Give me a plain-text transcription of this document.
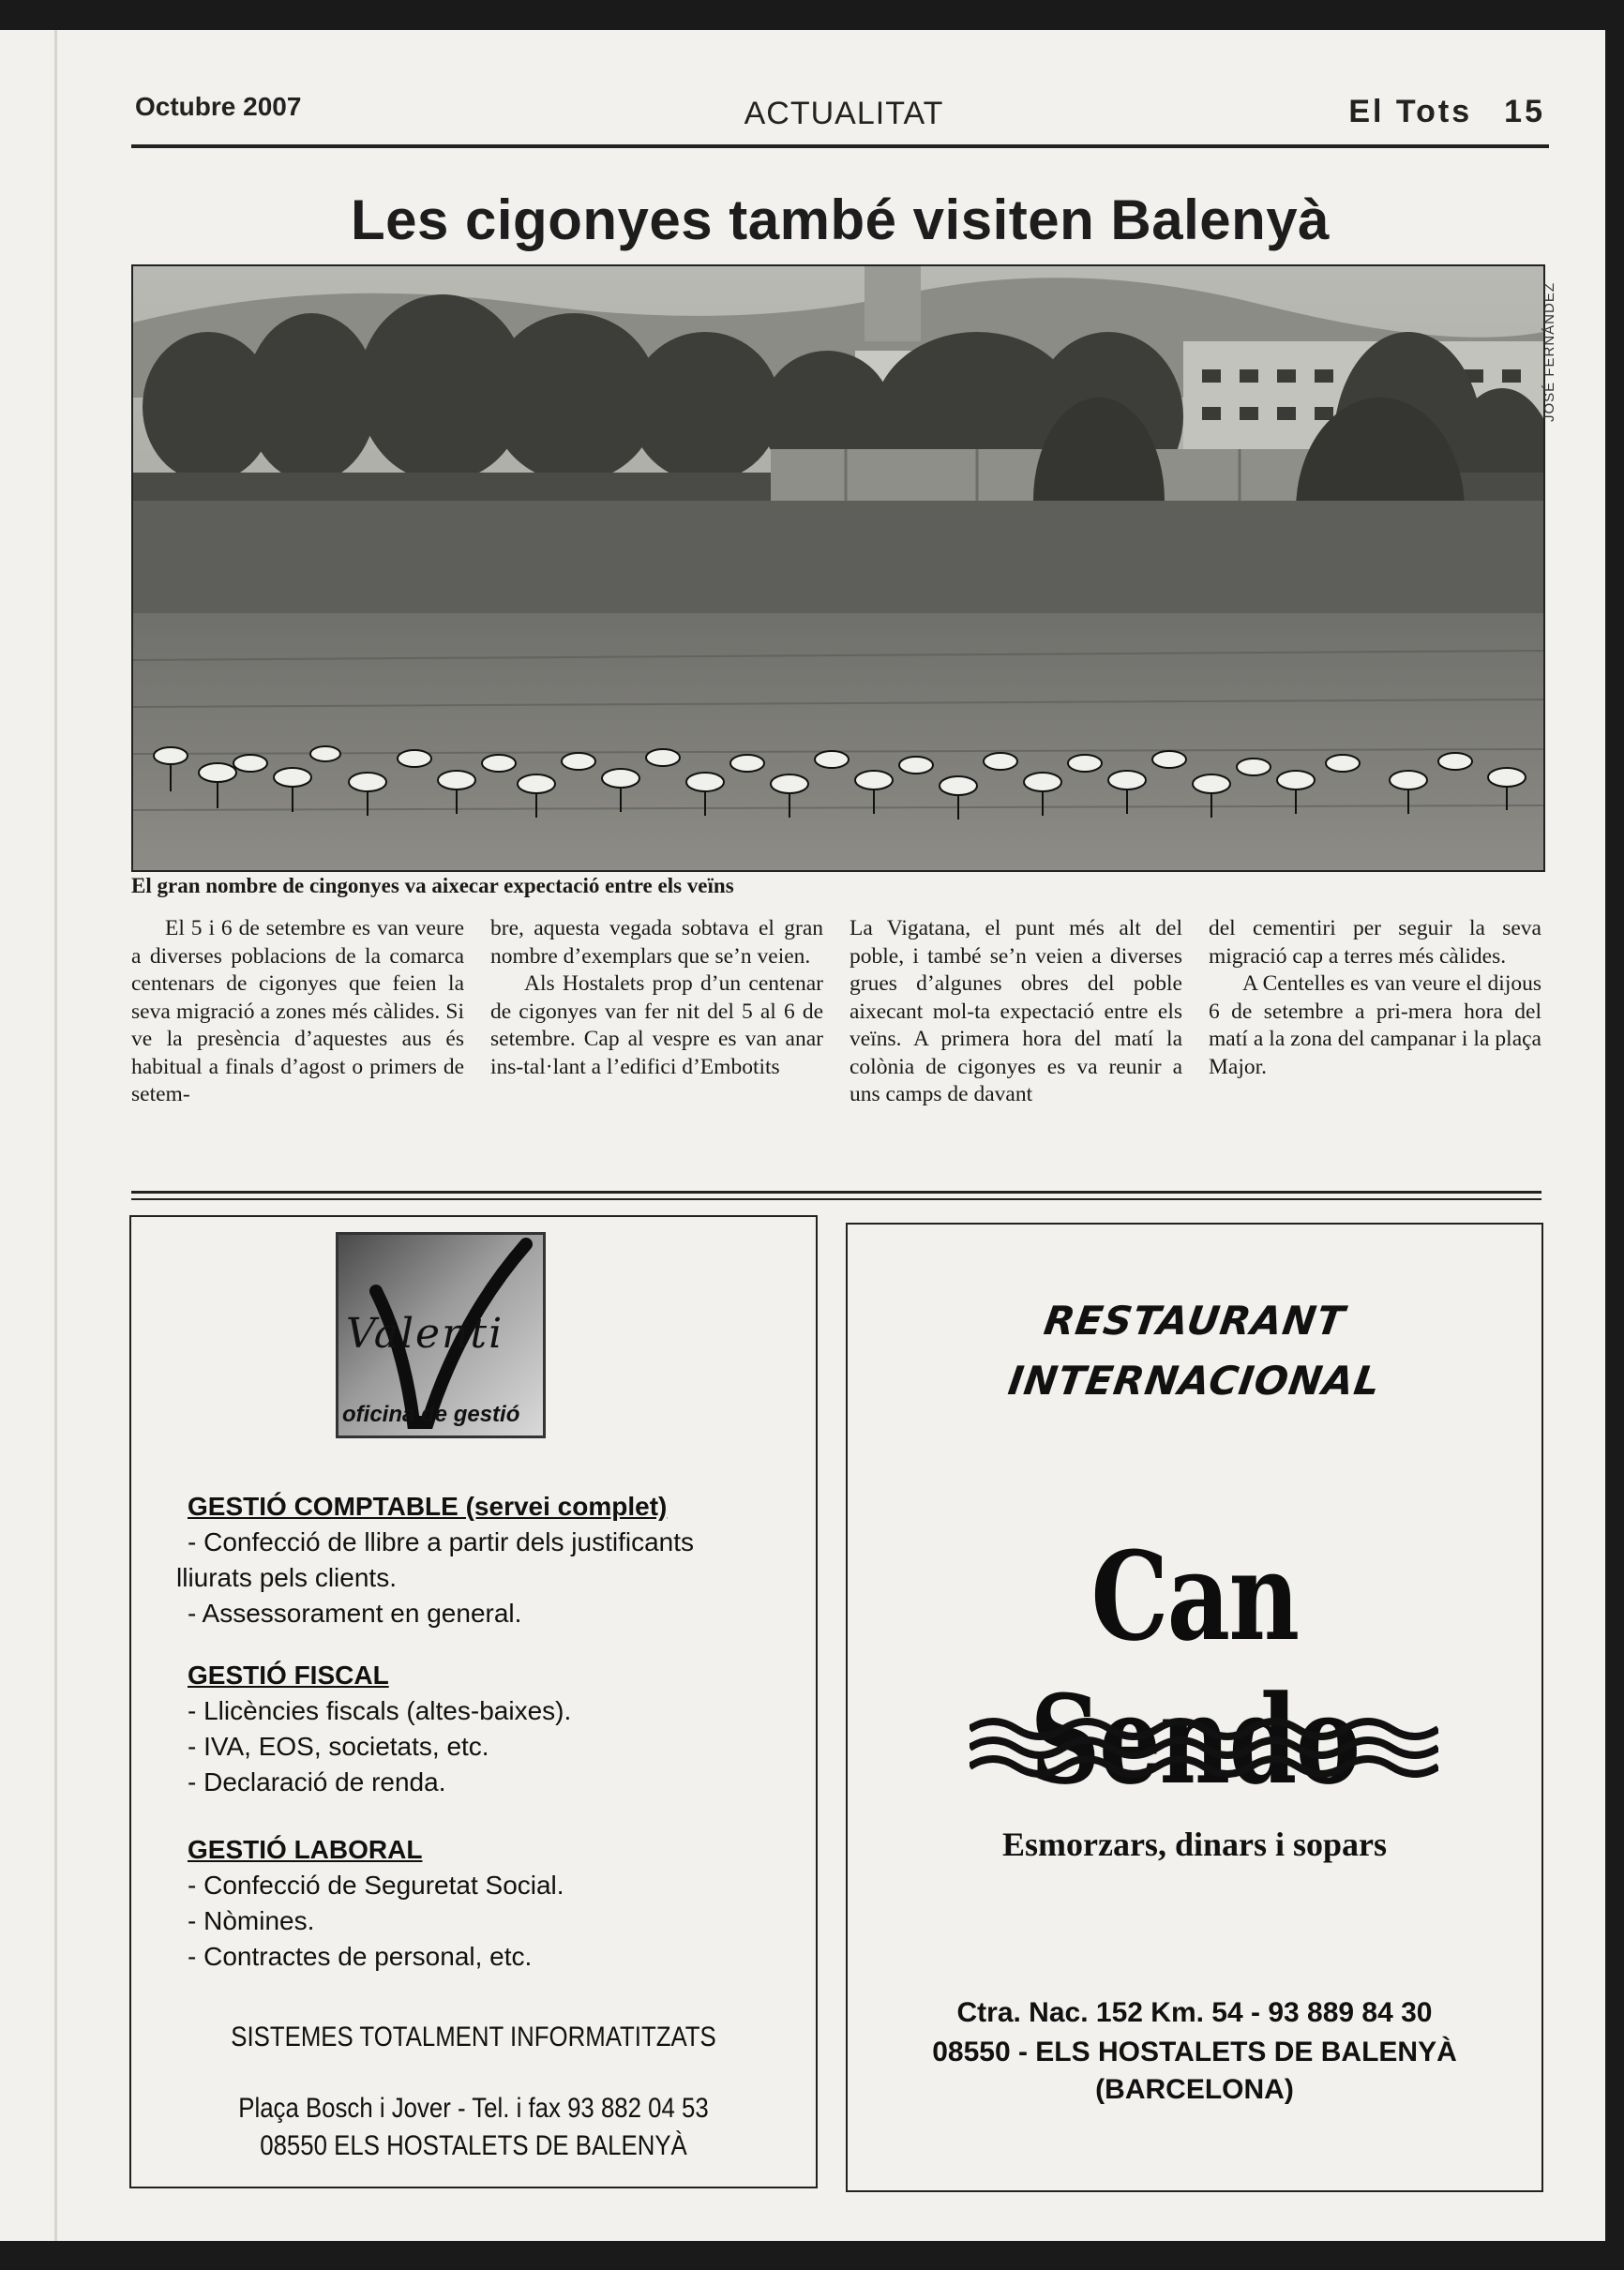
Octubre 2007	ACTUALITAT	El Tots 15
Les cigonyes també visiten Balenyà
JOSÉ FERNÁNDEZ
El gran nombre de cingonyes va aixecar expectació entre els veïns

El 5 i 6 de setembre es van veure a diverses poblacions de la comarca centenars de cigonyes que feien la seva migració a zones més càlides. Si ve la presència d’aquestes aus és habitual a finals d’agost o primers de setem-

bre, aquesta vegada sobtava el gran nombre d’exemplars que se’n veien.

Als Hostalets prop d’un centenar de cigonyes van fer nit del 5 al 6 de setembre. Cap al vespre es van anar ins-tal·lant a l’edifici d’Embotits

La Vigatana, el punt més alt del poble, i també se’n veien a diverses grues d’algunes obres del poble aixecant mol-ta expectació entre els veïns. A primera hora del matí la colònia de cigonyes es va reunir a uns camps de davant

del cementiri per seguir la seva migració cap a terres més càlides.

A Centelles es van veure el dijous 6 de setembre a pri-mera hora del matí a la zona del campanar i la plaça Major.

Valenti
oficina de gestió
GESTIÓ COMPTABLE (servei complet)
- Confecció de llibre a partir dels justificants
lliurats pels clients.
- Assessorament en general.
GESTIÓ FISCAL
- Llicències fiscals (altes-baixes).
- IVA, EOS, societats, etc.
- Declaració de renda.
GESTIÓ LABORAL
- Confecció de Seguretat Social.
- Nòmines.
- Contractes de personal, etc.
SISTEMES TOTALMENT INFORMATITZATS
Plaça Bosch i Jover - Tel. i fax 93 882 04 53
08550 ELS HOSTALETS DE BALENYÀ
RESTAURANT
INTERNACIONAL
Can Sendo
Esmorzars, dinars i sopars
Ctra. Nac. 152 Km. 54 - 93 889 84 30
08550 - ELS HOSTALETS DE BALENYÀ
(BARCELONA)
